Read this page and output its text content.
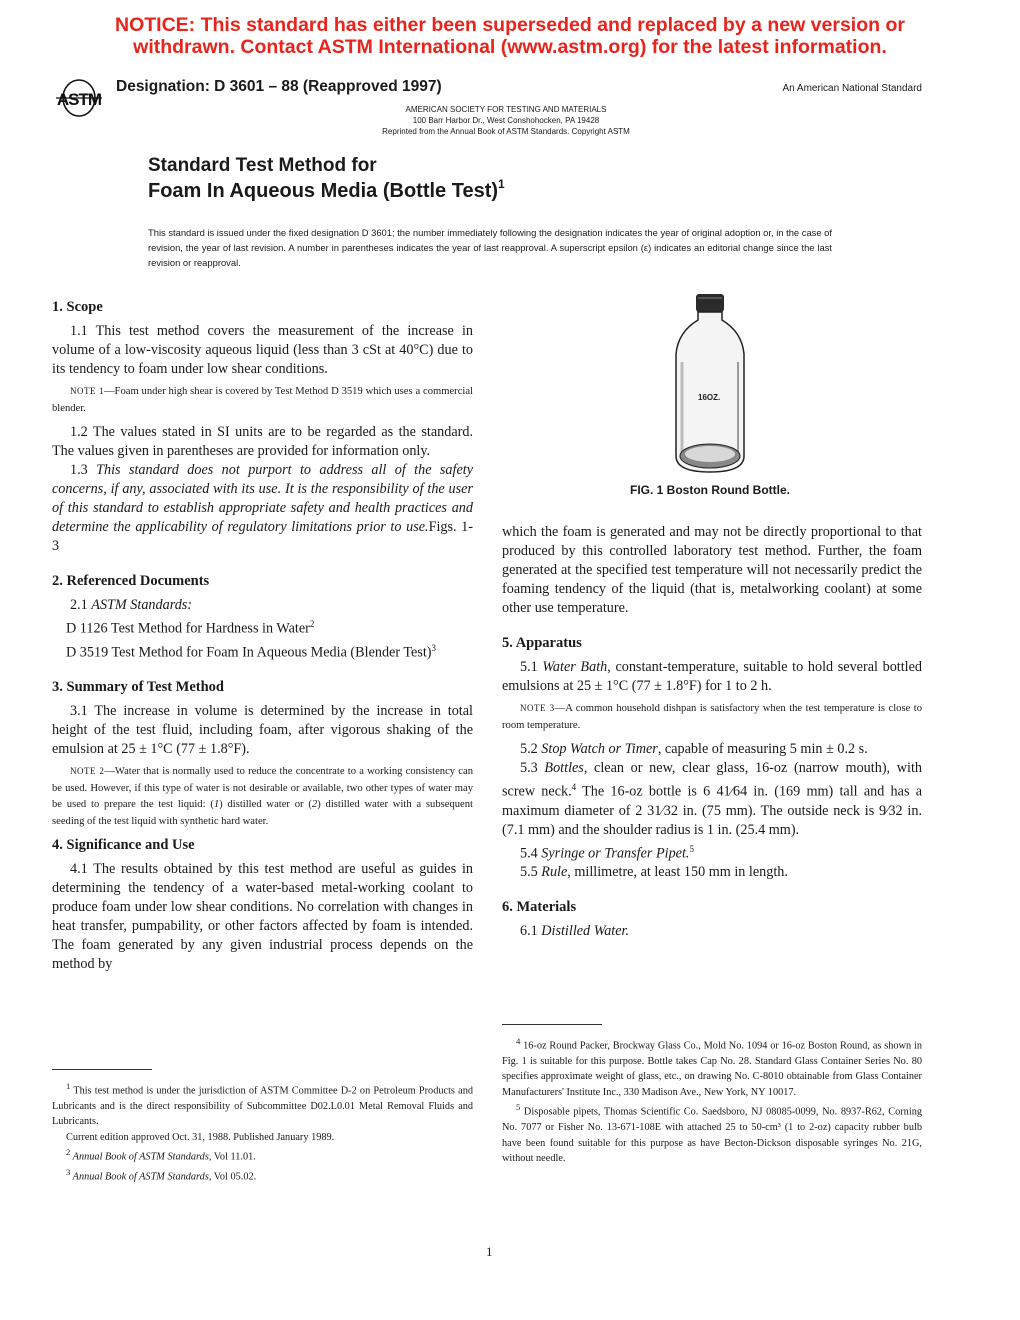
NOTICE: This standard has either been superseded and replaced by a new version or
withdrawn. Contact ASTM International (www.astm.org) for the latest information.
ASTM
Designation: D 3601 – 88 (Reapproved 1997)	An American National Standard
AMERICAN SOCIETY FOR TESTING AND MATERIALS
100 Barr Harbor Dr., West Conshohocken, PA 19428
Reprinted from the Annual Book of ASTM Standards. Copyright ASTM
Standard Test Method for
Foam In Aqueous Media (Bottle Test)$^1$
This standard is issued under the fixed designation D 3601; the number immediately following the designation indicates the year of original adoption or, in the case of revision, the year of last revision. A number in parentheses indicates the year of last reapproval. A superscript epsilon (ε) indicates an editorial change since the last revision or reapproval.
1. Scope

1.1 This test method covers the measurement of the increase in volume of a low-viscosity aqueous liquid (less than 3 cSt at 40°C) due to its tendency to foam under low shear conditions.

NOTE 1—Foam under high shear is covered by Test Method D 3519 which uses a commercial blender.

1.2 The values stated in SI units are to be regarded as the standard. The values given in parentheses are provided for information only.

1.3 This standard does not purport to address all of the safety concerns, if any, associated with its use. It is the responsibility of the user of this standard to establish appropriate safety and health practices and determine the applicability of regulatory limitations prior to use.Figs. 1- 3

2. Referenced Documents
2.1 ASTM Standards:
D 1126 Test Method for Hardness in Water$^2$
D 3519 Test Method for Foam In Aqueous Media (Blender Test)$^3$
3. Summary of Test Method

3.1 The increase in volume is determined by the increase in total height of the test fluid, including foam, after vigorous shaking of the emulsion at 25 ± 1°C (77 ± 1.8°F).

NOTE 2—Water that is normally used to reduce the concentrate to a working consistency can be used. However, if this type of water is not desirable or available, two other types of water may be used to prepare the test liquid: (1) distilled water or (2) distilled water with a subsequent seeding of the test liquid with synthetic hard water.
4. Significance and Use

4.1 The results obtained by this test method are useful as guides in determining the tendency of a water-based metal-working coolant to produce foam under low shear conditions. No correlation with changes in heat transfer, pumpability, or other factors affected by foam is intended. The foam generated by any given industrial process depends on the method by

16OZ.
FIG. 1 Boston Round Bottle.

which the foam is generated and may not be directly proportional to that produced by this controlled laboratory test method. Further, the foam generated at the specified test temperature will not necessarily predict the foaming tendency of the liquid (that is, metalworking coolant) at some other use temperature.

5. Apparatus

5.1 Water Bath, constant-temperature, suitable to hold several bottled emulsions at 25 ± 1°C (77 ± 1.8°F) for 1 to 2 h.

NOTE 3—A common household dishpan is satisfactory when the test temperature is close to room temperature.

5.2 Stop Watch or Timer, capable of measuring 5 min ± 0.2 s.

5.3 Bottles, clean or new, clear glass, 16-oz (narrow mouth), with screw neck.$^4$ The 16-oz bottle is 6 41⁄64 in. (169 mm) tall and has a maximum diameter of 2 31⁄32 in. (75 mm). The outside neck is 9⁄32 in. (7.1 mm) and the shoulder radius is 1 in. (25.4 mm).

5.4 Syringe or Transfer Pipet.$^5$

5.5 Rule, millimetre, at least 150 mm in length.

6. Materials

6.1 Distilled Water.

$^1$ This test method is under the jurisdiction of ASTM Committee D-2 on Petroleum Products and Lubricants and is the direct responsibility of Subcommittee D02.L0.01 Metal Removal Fluids and Lubricants.

Current edition approved Oct. 31, 1988. Published January 1989.

$^2$ Annual Book of ASTM Standards, Vol 11.01.

$^3$ Annual Book of ASTM Standards, Vol 05.02.

$^4$ 16-oz Round Packer, Brockway Glass Co., Mold No. 1094 or 16-oz Boston Round, as shown in Fig. 1 is suitable for this purpose. Bottle takes Cap No. 28. Standard Glass Container Series No. 80 specifies approximate weight of glass, etc., on drawing No. C-8010 obtainable from Glass Container Manufacturers' Institute Inc., 330 Madison Ave., New York, NY 10017.

$^5$ Disposable pipets, Thomas Scientific Co. Saedsboro, NJ 08085-0099, No. 8937-R62, Corning No. 7077 or Fisher No. 13-671-108E with attached 25 to 50-cm³ (1 to 2-oz) capacity rubber bulb have been found suitable for this purpose as have Becton-Dickson disposable syringes No. 21G, without needle.

1
